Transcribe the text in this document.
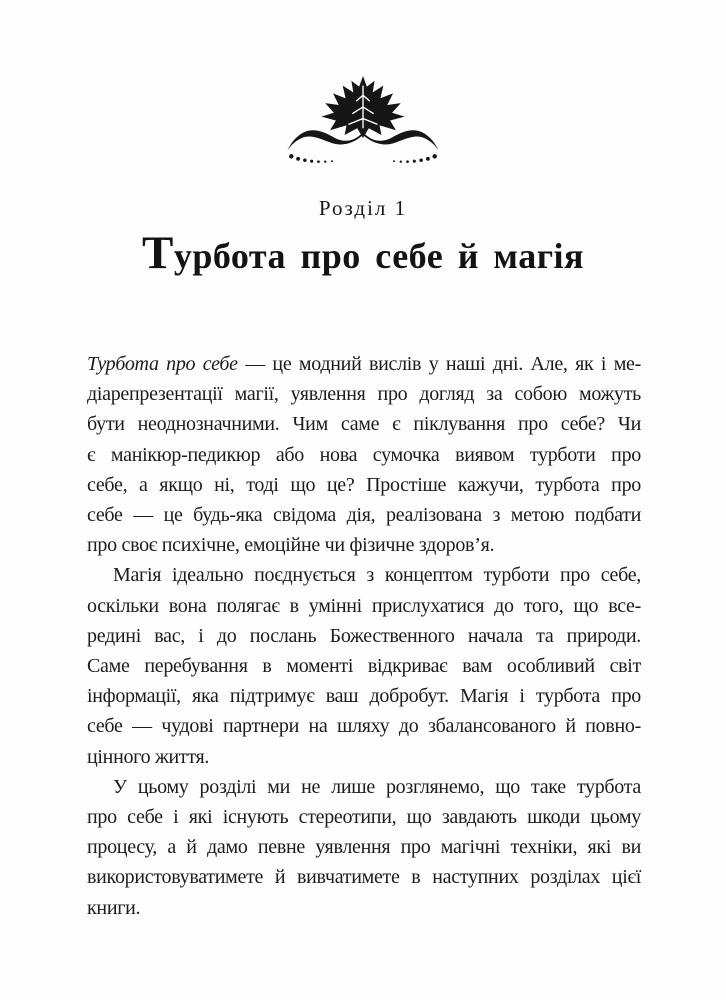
Розділ 1
Турбота про себе й магія
Турбота про себе — це модний вислів у наші дні. Але, як і ме-
діарепрезентації магії, уявлення про догляд за собою можуть
бути неоднозначними. Чим саме є піклування про себе? Чи
є манікюр-педикюр або нова сумочка виявом турботи про
себе, а якщо ні, тоді що це? Простіше кажучи, турбота про
себе — це будь-яка свідома дія, реалізована з метою подбати
про своє психічне, емоційне чи фізичне здоров’я.
Магія ідеально поєднується з концептом турботи про себе,
оскільки вона полягає в умінні прислухатися до того, що все-
редині вас, і до послань Божественного начала та природи.
Саме перебування в моменті відкриває вам особливий світ
інформації, яка підтримує ваш добробут. Магія і турбота про
себе — чудові партнери на шляху до збалансованого й повно-
цінного життя.
У цьому розділі ми не лише розглянемо, що таке турбота
про себе і які існують стереотипи, що завдають шкоди цьому
процесу, а й дамо певне уявлення про магічні техніки, які ви
використовуватимете й вивчатимете в наступних розділах цієї
книги.
